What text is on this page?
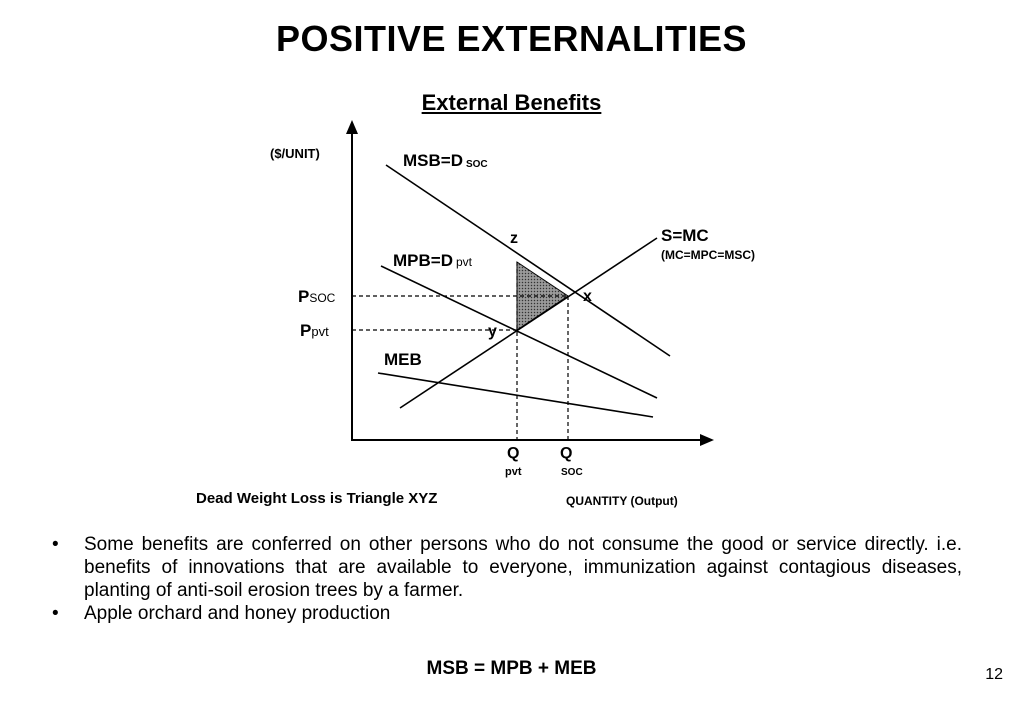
POSITIVE EXTERNALITIES
External Benefits
($/UNIT)	MSB=D SOC
MPB=D pvt
MEB
S=MC
(MC=MPC=MSC)
z
x
y
PSOC
Ppvt
Q
pvt
Q
SOC
Dead Weight Loss is Triangle XYZ	QUANTITY (Output)
• Some benefits are conferred on other persons who do not consume the good or service directly. i.e. benefits of innovations that are available to everyone, immunization against contagious diseases, planting of anti-soil erosion trees by a farmer.
• Apple orchard and honey production
MSB = MPB + MEB	12
